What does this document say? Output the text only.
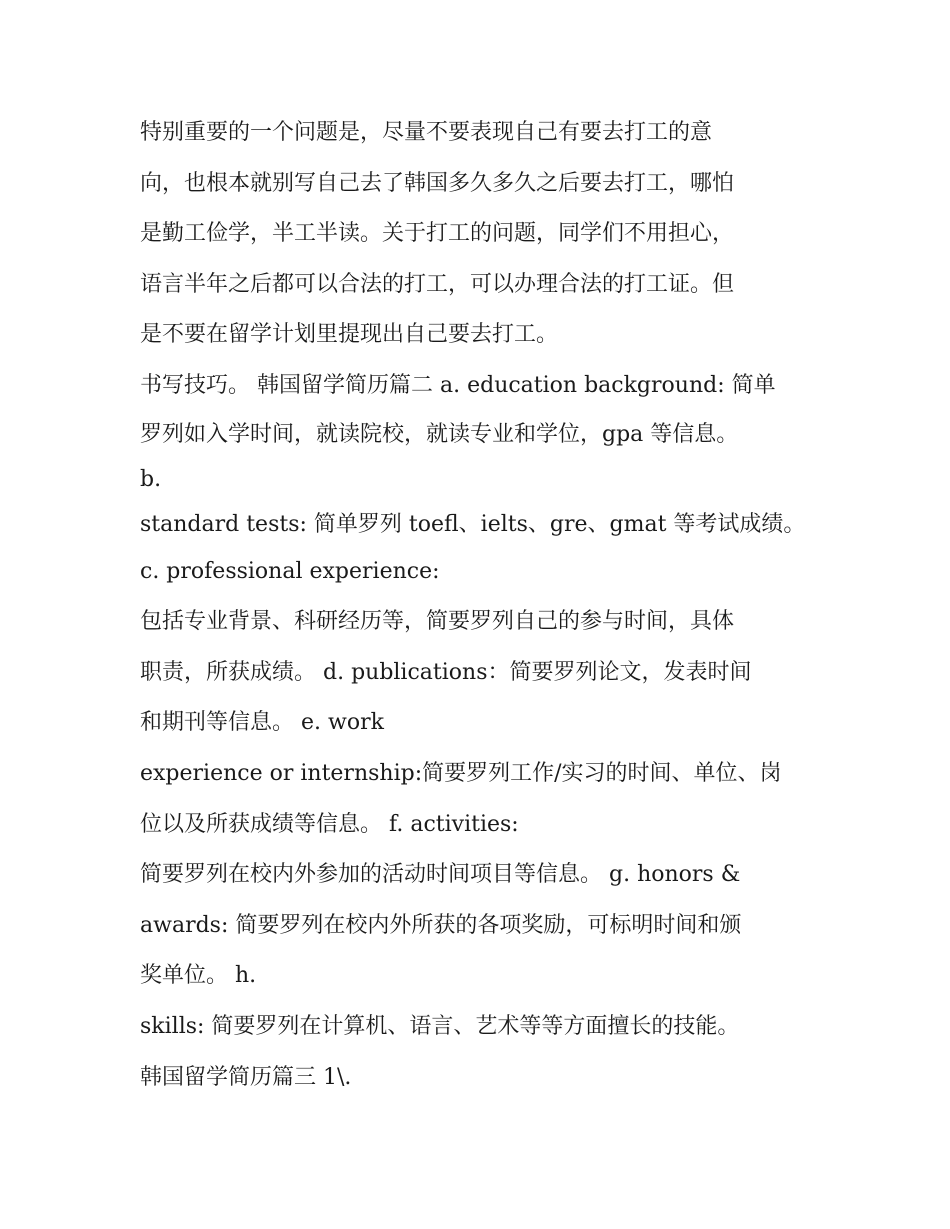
特别重要的一个问题是，尽量不要表现自己有要去打工的意
向，也根本就别写自己去了韩国多久多久之后要去打工，哪怕
是勤工俭学，半工半读。关于打工的问题，同学们不用担心，
语言半年之后都可以合法的打工，可以办理合法的打工证。但
是不要在留学计划里提现出自己要去打工。
书写技巧。 韩国留学简历篇二 a. education background: 简单
罗列如入学时间，就读院校，就读专业和学位，gpa 等信息。
b.
standard tests: 简单罗列 toefl、ielts、gre、gmat 等考试成绩。
c. professional experience:
包括专业背景、科研经历等，简要罗列自己的参与时间，具体
职责，所获成绩。 d. publications：简要罗列论文，发表时间
和期刊等信息。 e. work
experience or internship:简要罗列工作/实习的时间、单位、岗
位以及所获成绩等信息。 f. activities:
简要罗列在校内外参加的活动时间项目等信息。 g. honors &
awards: 简要罗列在校内外所获的各项奖励，可标明时间和颁
奖单位。 h.
skills: 简要罗列在计算机、语言、艺术等等方面擅长的技能。
韩国留学简历篇三 1\.
